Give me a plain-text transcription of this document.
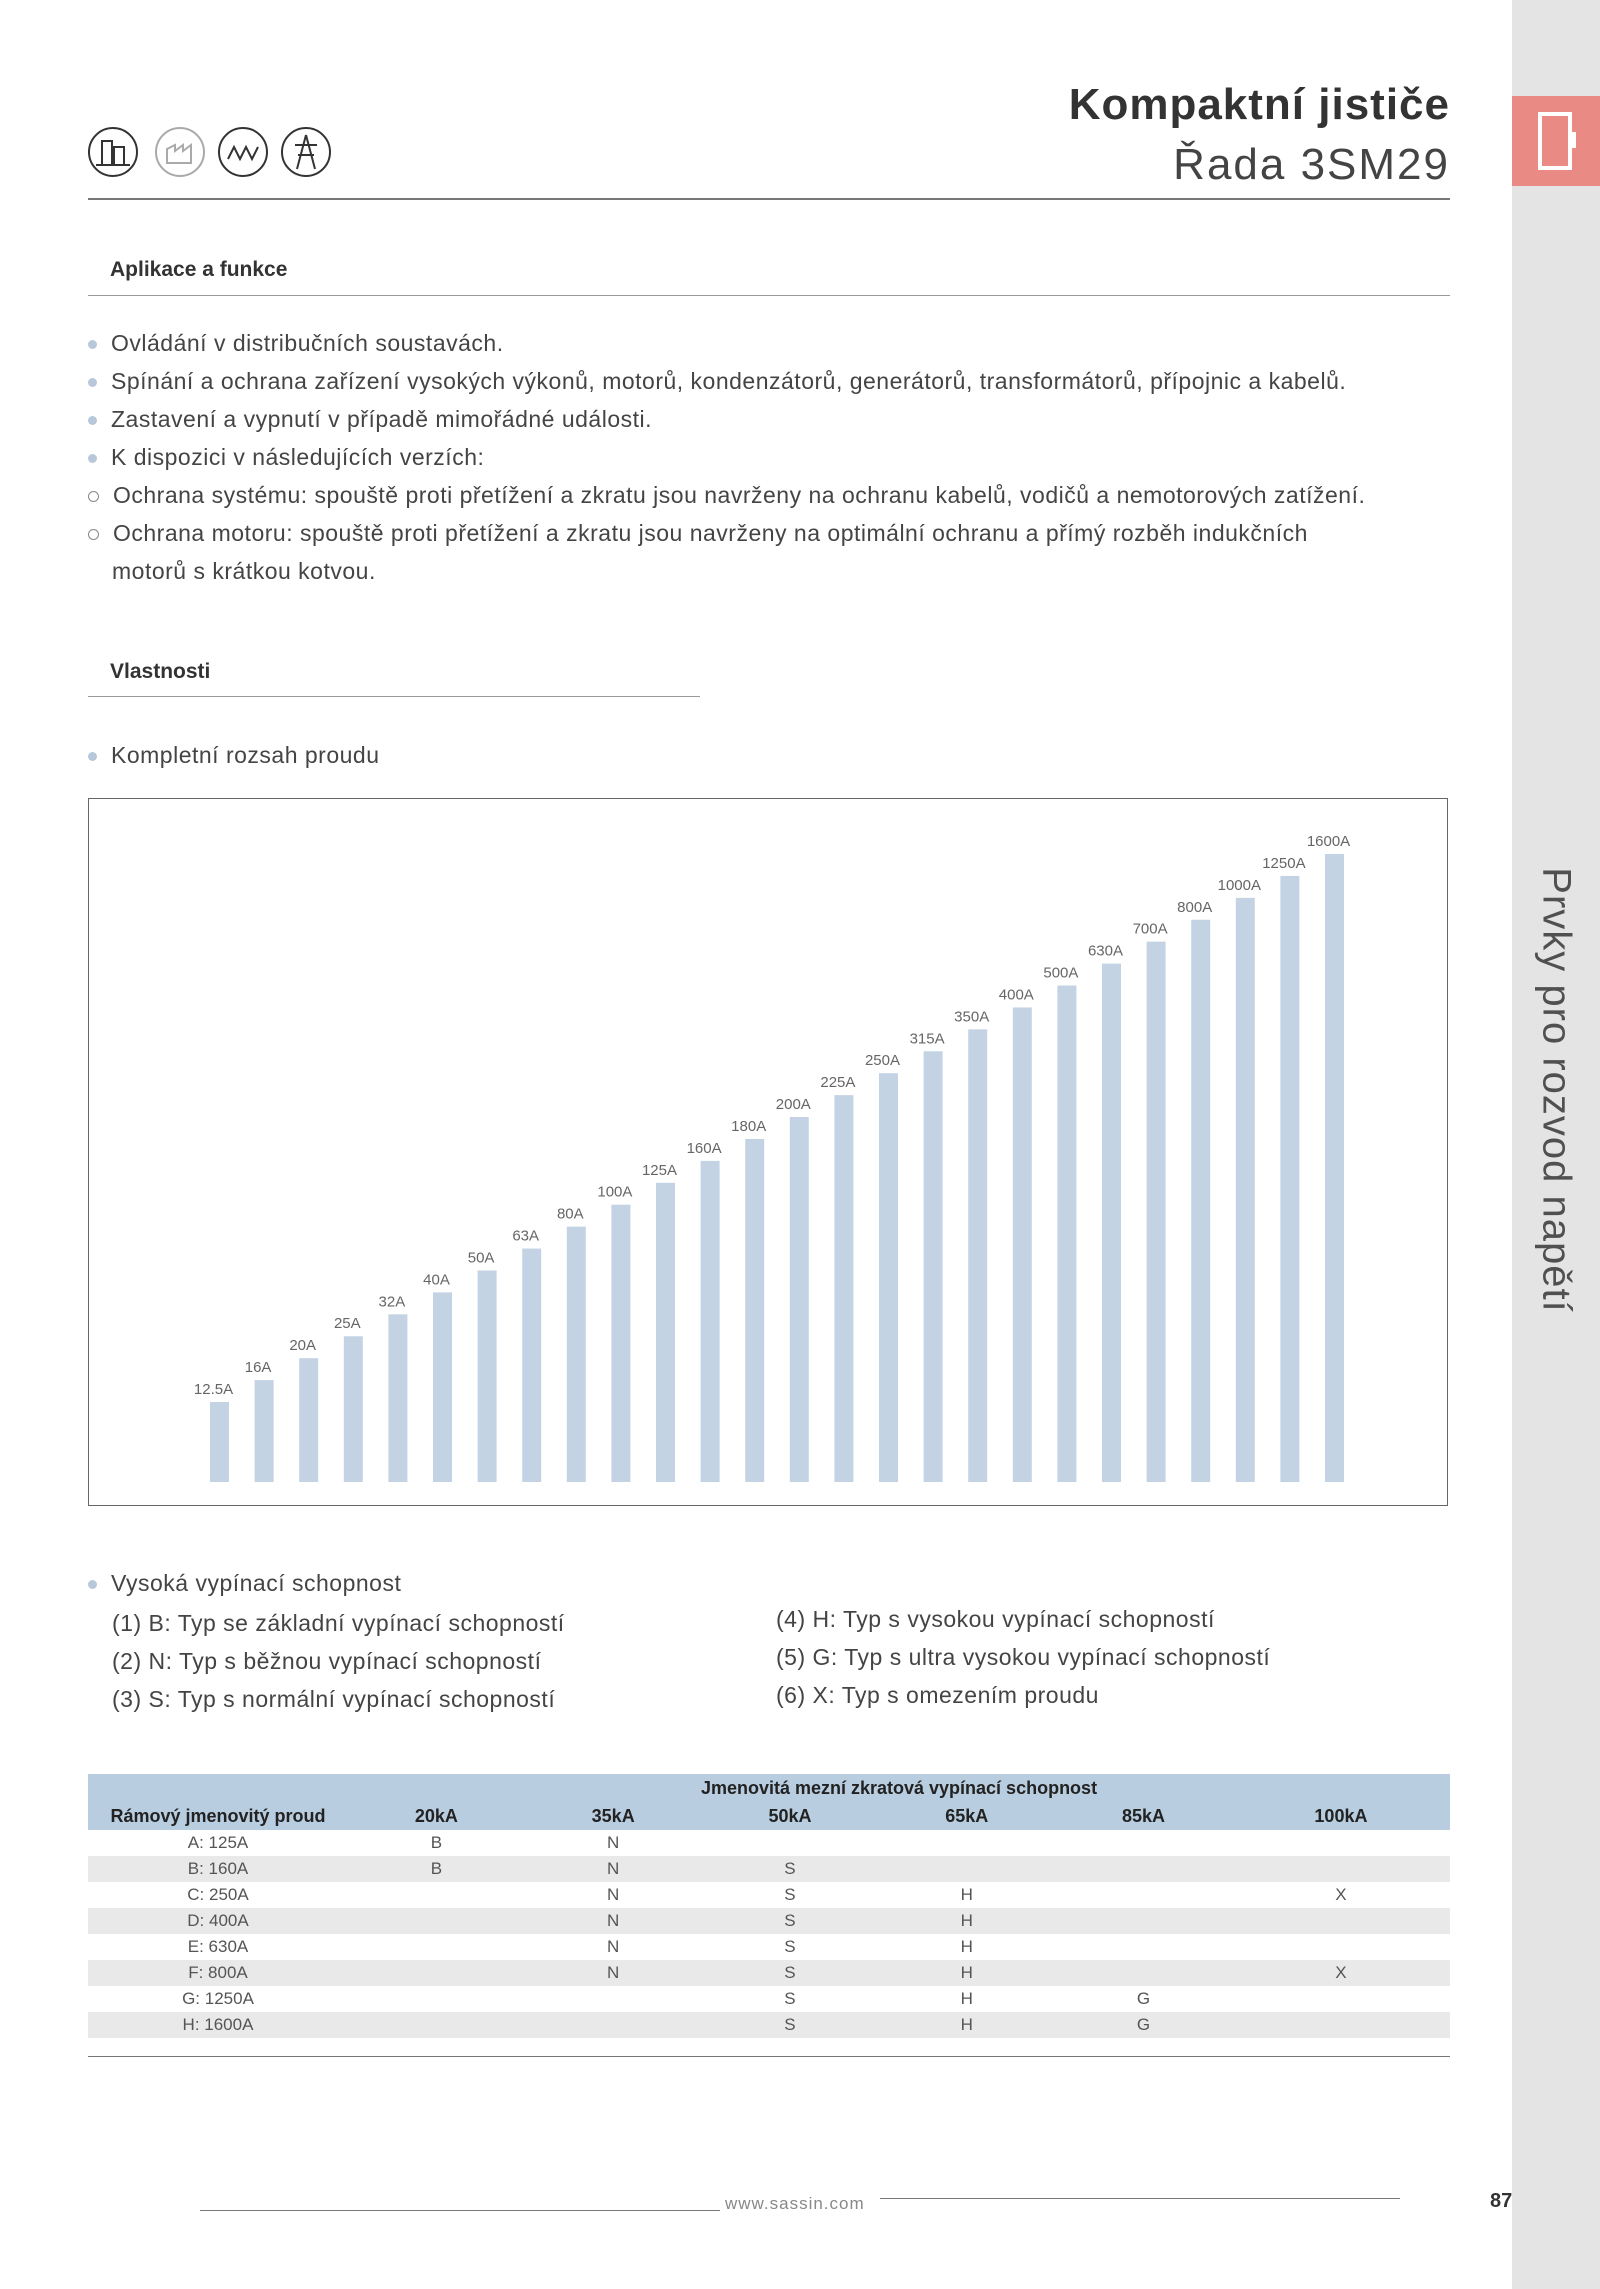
Prvky pro rozvod napětí
Kompaktní jističe
Řada 3SM29
Aplikace a funkce
Ovládání v distribučních soustavách.
Spínání a ochrana zařízení vysokých výkonů, motorů, kondenzátorů, generátorů, transformátorů, přípojnic a kabelů.
Zastavení a vypnutí v případě mimořádné události.
K dispozici v následujících verzích:
Ochrana systému: spouště proti přetížení a zkratu jsou navrženy na ochranu kabelů, vodičů a nemotorových zatížení.
Ochrana motoru: spouště proti přetížení a zkratu jsou navrženy na optimální ochranu a přímý rozběh indukčních
motorů s krátkou kotvou.
Vlastnosti
Kompletní rozsah proudu
12.5A
16A
20A
25A
32A
40A
50A
63A
80A
100A
125A
160A
180A
200A
225A
250A
315A
350A
400A
500A
630A
700A
800A
1000A
1250A
1600A
Vysoká vypínací schopnost
(1) B: Typ se základní vypínací schopností
(2) N: Typ s běžnou vypínací schopností
(3) S: Typ s normální vypínací schopností
(4) H: Typ s vysokou vypínací schopností
(5) G: Typ s ultra vysokou vypínací schopností
(6) X: Typ s omezením proudu
	Jmenovitá mezní zkratová vypínací schopnost					
Rámový jmenovitý proud	20kA	35kA	50kA	65kA	85kA	100kA
A: 125A	B	N				
B: 160A	B	N	S			
C: 250A		N	S	H		X
D: 400A		N	S	H		
E: 630A		N	S	H		
F: 800A		N	S	H		X
G: 1250A			S	H	G	
H: 1600A			S	H	G	
www.sassin.com	87
